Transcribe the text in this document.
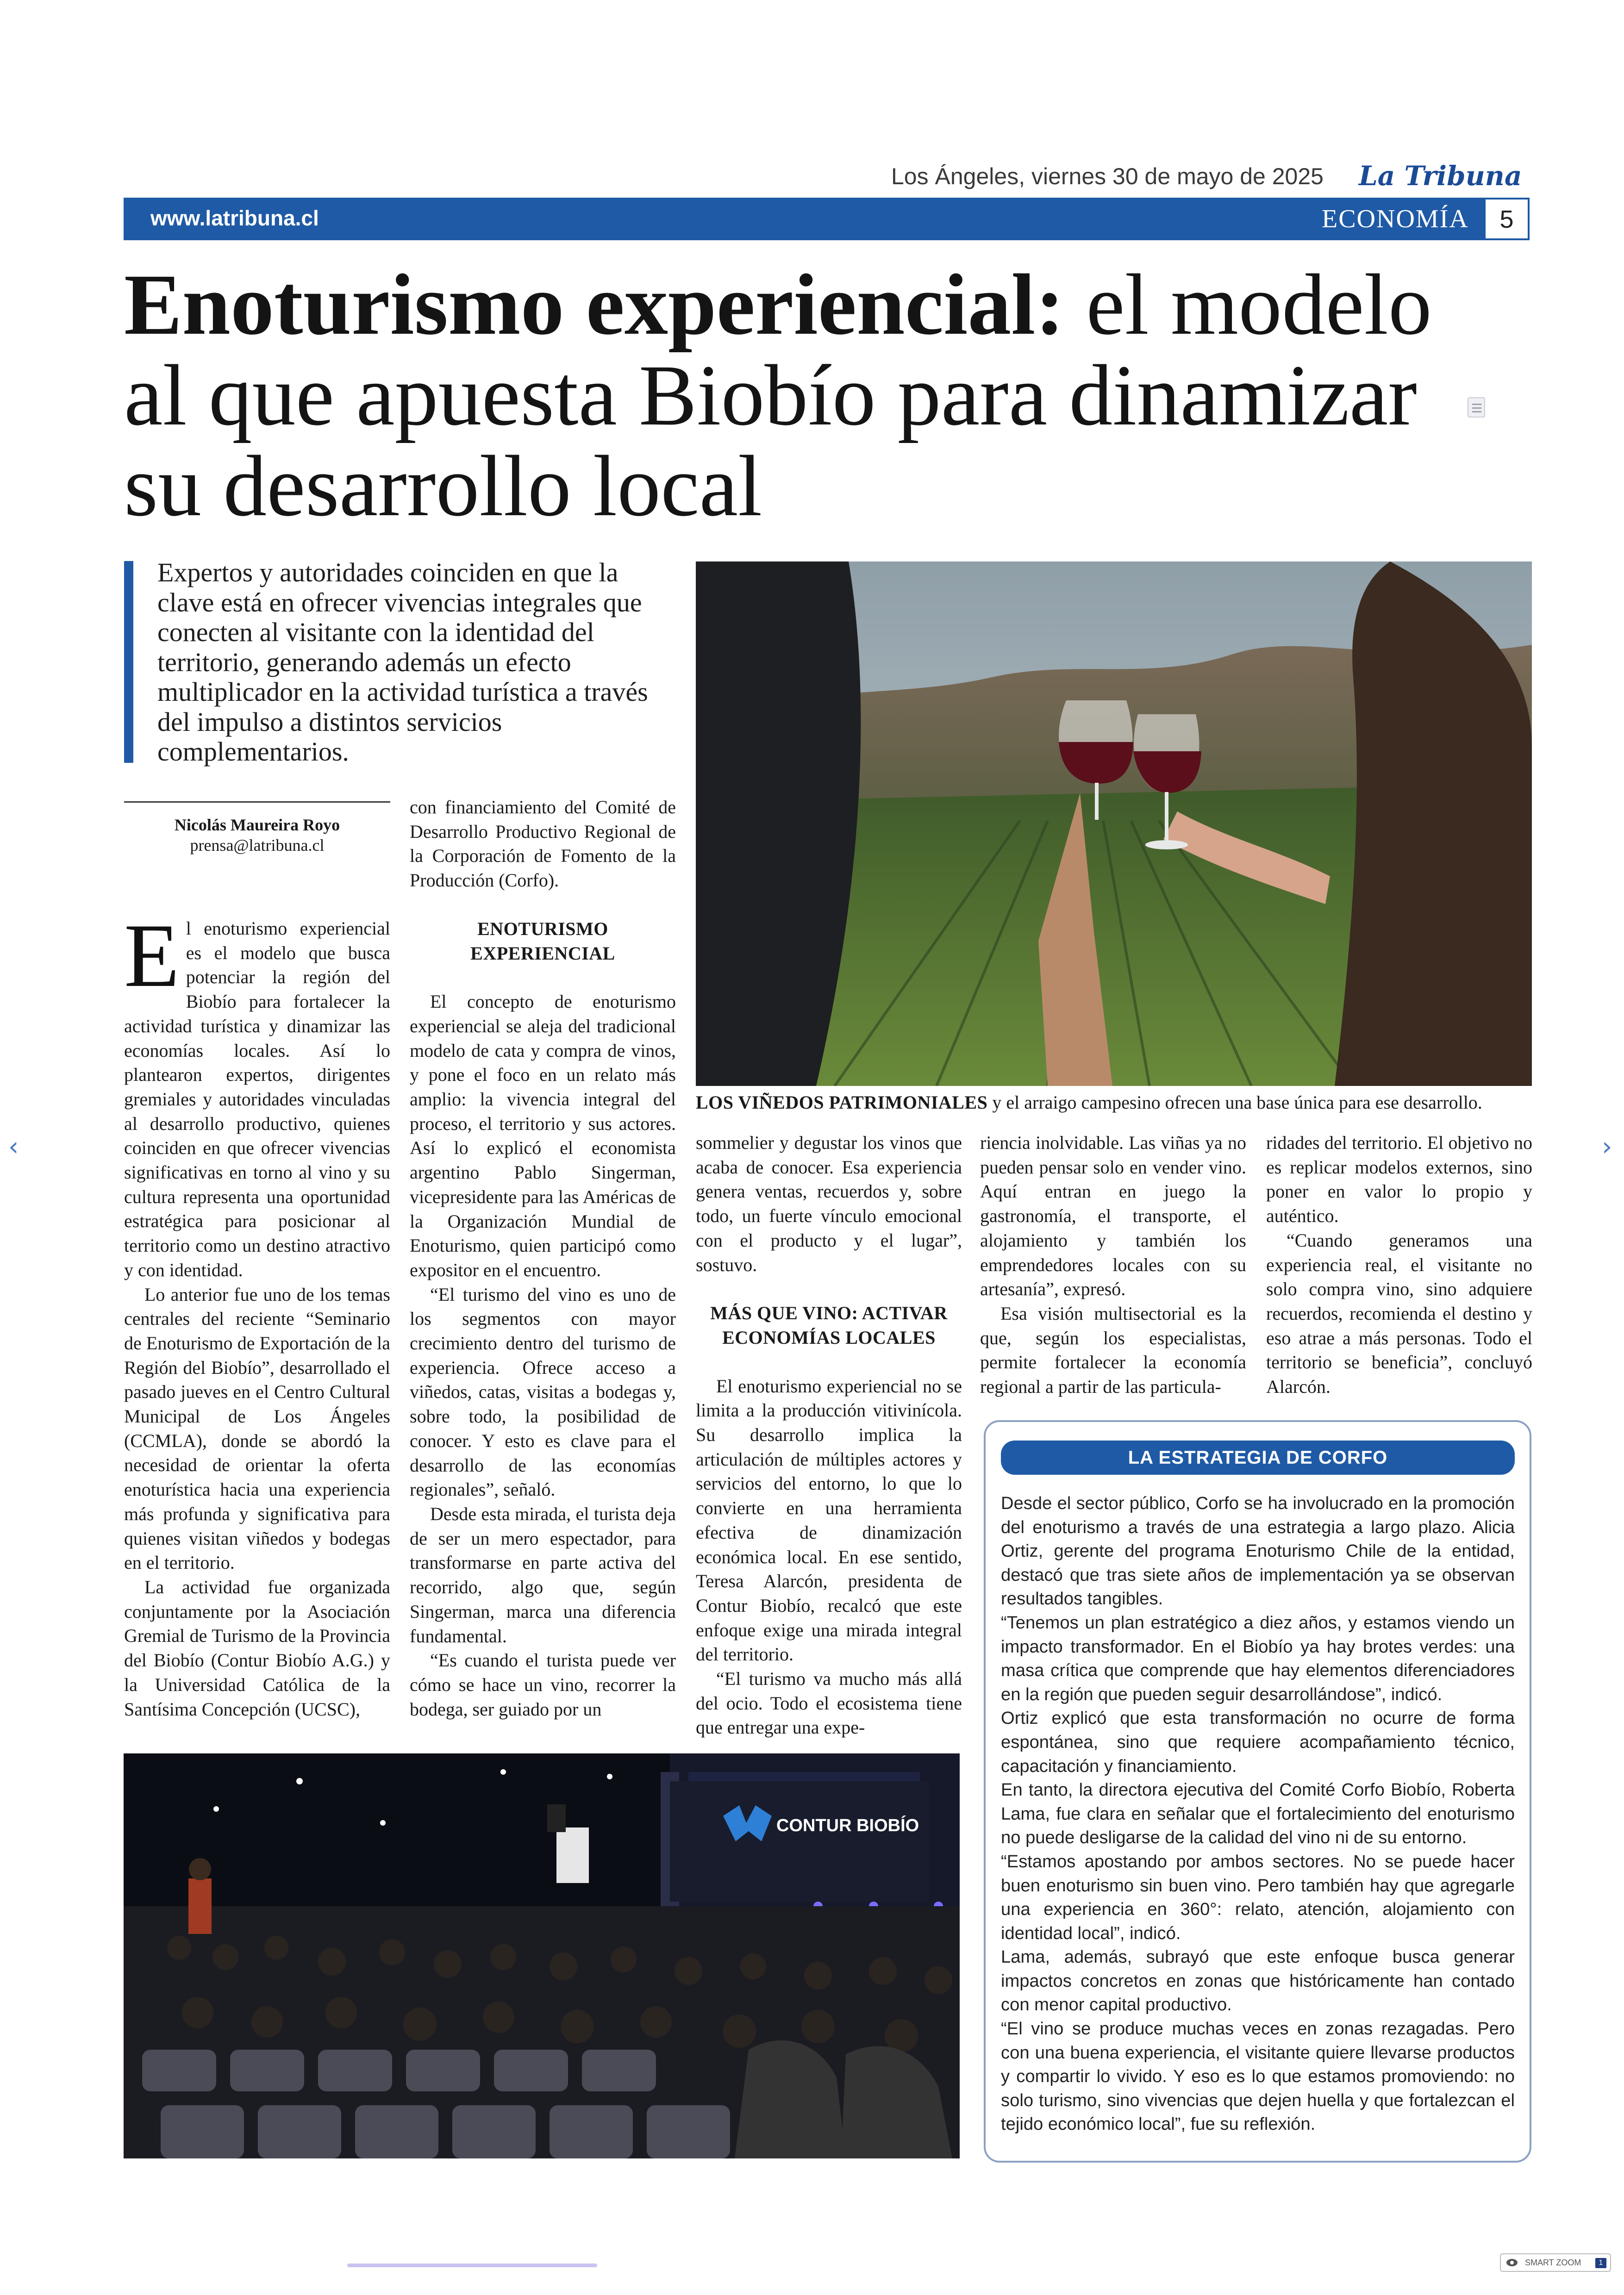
Los Ángeles, viernes 30 de mayo de 2025 La Tribuna
www.latribuna.cl	ECONOMÍA	5
Enoturismo experiencial: el modelo
al que apuesta Biobío para dinamizar
su desarrollo local
Expertos y autoridades coinciden en que la clave está en ofrecer vivencias integrales que conecten al visitante con la identidad del territorio, generando además un efecto multiplicador en la actividad turística a través del impulso a distintos servicios complementarios.
LOS VIÑEDOS PATRIMONIALES y el arraigo campesino ofrecen una base única para ese desarrollo.
Nicolás Maureira Royo
prensa@latribuna.cl

El enoturismo experiencial es el modelo que busca potenciar la región del Biobío para fortalecer la actividad turística y dinamizar las economías locales. Así lo plantearon expertos, dirigentes gremiales y autoridades vinculadas al desarrollo productivo, quienes coinciden en que ofrecer vivencias significativas en torno al vino y su cultura representa una oportunidad estratégica para posicionar al territorio como un destino atractivo y con identidad.

Lo anterior fue uno de los temas centrales del reciente “Seminario de Enoturismo de Exportación de la Región del Biobío”, desarrollado el pasado jueves en el Centro Cultural Municipal de Los Ángeles (CCMLA), donde se abordó la necesidad de orientar la oferta enoturística hacia una experiencia más profunda y significativa para quienes visitan viñedos y bodegas en el territorio.

La actividad fue organizada conjuntamente por la Asociación Gremial de Turismo de la Provincia del Biobío (Contur Biobío A.G.) y la Universidad Católica de la Santísima Concepción (UCSC),

con financiamiento del Comité de Desarrollo Productivo Regional de la Corporación de Fomento de la Producción (Corfo).

ENOTURISMO EXPERIENCIAL

El concepto de enoturismo experiencial se aleja del tradicional modelo de cata y compra de vinos, y pone el foco en un relato más amplio: la vivencia integral del proceso, el territorio y sus actores. Así lo explicó el economista argentino Pablo Singerman, vicepresidente para las Américas de la Organización Mundial de Enoturismo, quien participó como expositor en el encuentro.

“El turismo del vino es uno de los segmentos con mayor crecimiento dentro del turismo de experiencia. Ofrece acceso a viñedos, catas, visitas a bodegas y, sobre todo, la posibilidad de conocer. Y esto es clave para el desarrollo de las economías regionales”, señaló.

Desde esta mirada, el turista deja de ser un mero espectador, para transformarse en parte activa del recorrido, algo que, según Singerman, marca una diferencia fundamental.

“Es cuando el turista puede ver cómo se hace un vino, recorrer la bodega, ser guiado por un

sommelier y degustar los vinos que acaba de conocer. Esa experiencia genera ventas, recuerdos y, sobre todo, un fuerte vínculo emocional con el producto y el lugar”, sostuvo.

MÁS QUE VINO: ACTIVAR ECONOMÍAS LOCALES

El enoturismo experiencial no se limita a la producción vitivinícola. Su desarrollo implica la articulación de múltiples actores y servicios del entorno, lo que lo convierte en una herramienta efectiva de dinamización económica local. En ese sentido, Teresa Alarcón, presidenta de Contur Biobío, recalcó que este enfoque exige una mirada integral del territorio.

“El turismo va mucho más allá del ocio. Todo el ecosistema tiene que entregar una expe-

riencia inolvidable. Las viñas ya no pueden pensar solo en vender vino. Aquí entran en juego la gastronomía, el transporte, el alojamiento y también los emprendedores locales con su artesanía”, expresó.

Esa visión multisectorial es la que, según los especialistas, permite fortalecer la economía regional a partir de las particula-

ridades del territorio. El objetivo no es replicar modelos externos, sino poner en valor lo propio y auténtico.

“Cuando generamos una experiencia real, el visitante no solo compra vino, sino adquiere recuerdos, recomienda el destino y eso atrae a más personas. Todo el territorio se beneficia”, concluyó Alarcón.

CONTUR BIOBÍO
LA ESTRATEGIA DE CORFO

Desde el sector público, Corfo se ha involucrado en la promoción del enoturismo a través de una estrategia a largo plazo. Alicia Ortiz, gerente del programa Enoturismo Chile de la entidad, destacó que tras siete años de implementación ya se observan resultados tangibles.

“Tenemos un plan estratégico a diez años, y estamos viendo un impacto transformador. En el Biobío ya hay brotes verdes: una masa crítica que comprende que hay elementos diferenciadores en la región que pueden seguir desarrollándose”, indicó.

Ortiz explicó que esta transformación no ocurre de forma espontánea, sino que requiere acompañamiento técnico, capacitación y financiamiento.

En tanto, la directora ejecutiva del Comité Corfo Biobío, Roberta Lama, fue clara en señalar que el fortalecimiento del enoturismo no puede desligarse de la calidad del vino ni de su entorno.

“Estamos apostando por ambos sectores. No se puede hacer buen enoturismo sin buen vino. Pero también hay que agregarle una experiencia en 360°: relato, atención, alojamiento con identidad local”, indicó.

Lama, además, subrayó que este enfoque busca generar impactos concretos en zonas que históricamente han contado con menor capital productivo.

“El vino se produce muchas veces en zonas rezagadas. Pero con una buena experiencia, el visitante quiere llevarse productos y compartir lo vivido. Y eso es lo que estamos promoviendo: no solo turismo, sino vivencias que dejen huella y que fortalezcan el tejido económico local”, fue su reflexión.

‹	›
SMART ZOOM	1
